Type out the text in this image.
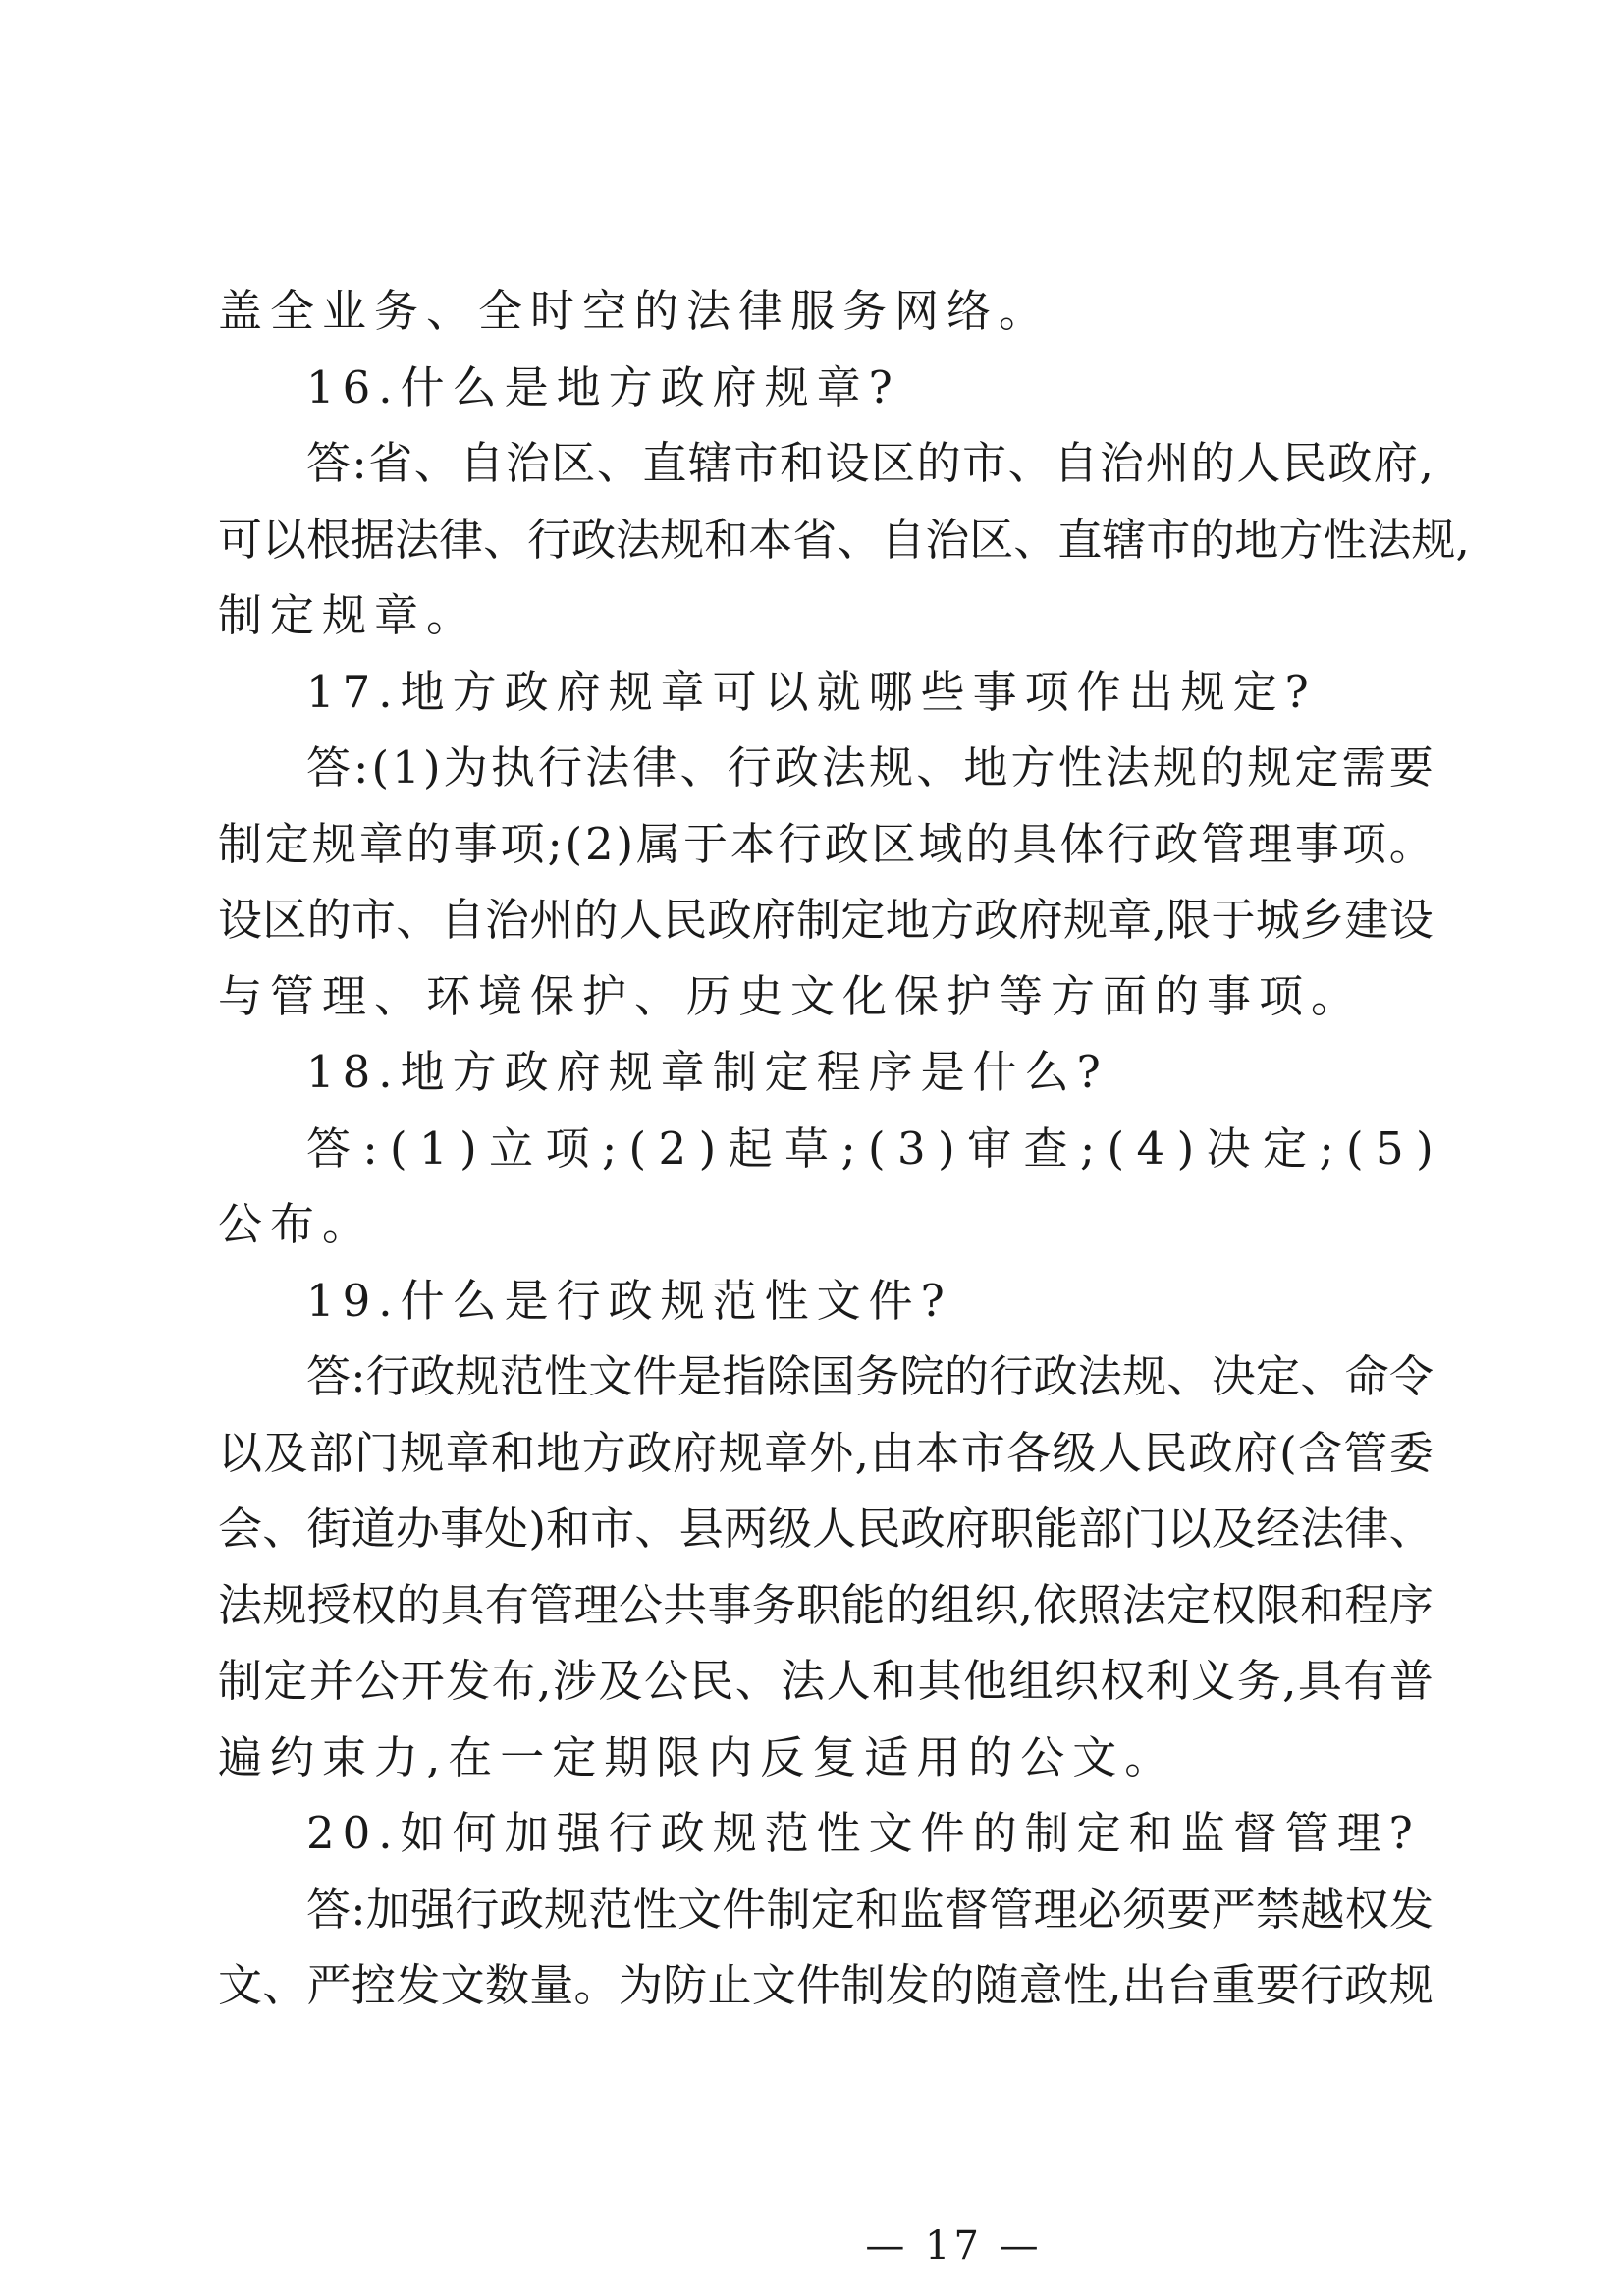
盖全业务、全时空的法律服务网络。
16.什么是地方政府规章?
答 : 省 、 自 治 区 、 直 辖 市 和 设 区 的 市 、 自 治 州 的 人 民 政 府 ,
可 以 根 据 法 律 、 行 政 法 规 和 本 省 、 自 治 区 、 直 辖 市 的 地 方 性 法 规 ,
制定规章。
17.地方政府规章可以就哪些事项作出规定?
答 : ( 1 ) 为 执 行 法 律 、 行 政 法 规 、 地 方 性 法 规 的 规 定 需 要
制 定 规 章 的 事 项 ; ( 2 ) 属 于 本 行 政 区 域 的 具 体 行 政 管 理 事 项 。
设 区 的 市 、 自 治 州 的 人 民 政 府 制 定 地 方 政 府 规 章 , 限 于 城 乡 建 设
与管理、环境保护、历史文化保护等方面的事项。
18.地方政府规章制定程序是什么?
答 : ( 1 ) 立 项 ; ( 2 ) 起 草 ; ( 3 ) 审 查 ; ( 4 ) 决 定 ; ( 5 )
公布。
19.什么是行政规范性文件?
答 : 行 政 规 范 性 文 件 是 指 除 国 务 院 的 行 政 法 规 、 决 定 、 命 令
以 及 部 门 规 章 和 地 方 政 府 规 章 外 , 由 本 市 各 级 人 民 政 府 ( 含 管 委
会 、 街 道 办 事 处 ) 和 市 、 县 两 级 人 民 政 府 职 能 部 门 以 及 经 法 律 、
法 规 授 权 的 具 有 管 理 公 共 事 务 职 能 的 组 织 , 依 照 法 定 权 限 和 程 序
制 定 并 公 开 发 布 , 涉 及 公 民 、 法 人 和 其 他 组 织 权 利 义 务 , 具 有 普
遍约束力,在一定期限内反复适用的公文。
20.如何加强行政规范性文件的制定和监督管理?
答 : 加 强 行 政 规 范 性 文 件 制 定 和 监 督 管 理 必 须 要 严 禁 越 权 发
文 、 严 控 发 文 数 量 。 为 防 止 文 件 制 发 的 随 意 性 , 出 台 重 要 行 政 规
— 17 —
